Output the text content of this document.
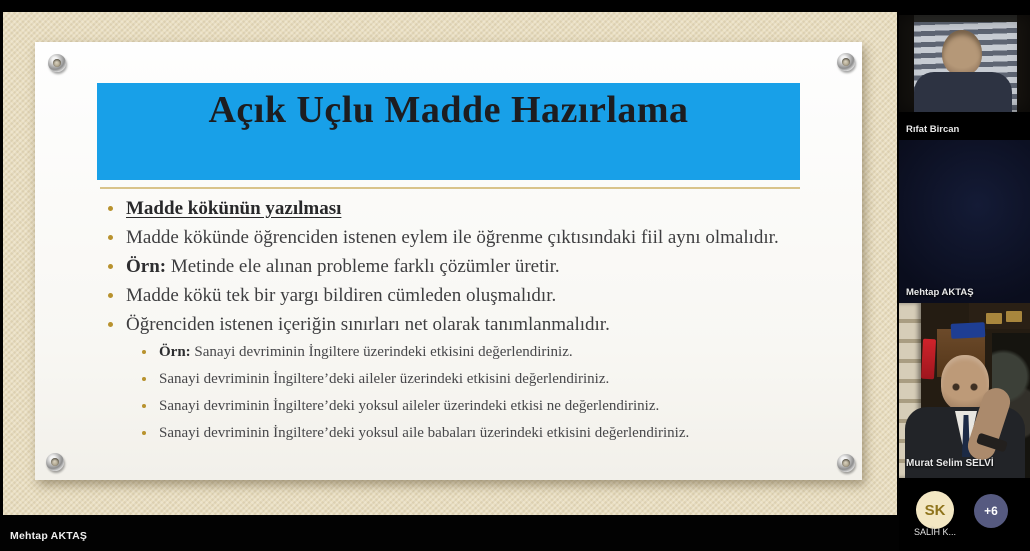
Açık Uçlu Madde Hazırlama
Madde kökünün yazılması
Madde kökünde öğrenciden istenen eylem ile öğrenme çıktısındaki fiil aynı olmalıdır.
Örn: Metinde ele alınan probleme farklı çözümler üretir.
Madde kökü tek bir yargı bildiren cümleden oluşmalıdır.
Öğrenciden istenen içeriğin sınırları net olarak tanımlanmalıdır.
Örn: Sanayi devriminin İngiltere üzerindeki etkisini değerlendiriniz.
Sanayi devriminin İngiltere’deki aileler üzerindeki etkisini değerlendiriniz.
Sanayi devriminin İngiltere’deki yoksul aileler üzerindeki etkisi ne değerlendiriniz.
Sanayi devriminin İngiltere’deki yoksul aile babaları üzerindeki etkisini değerlendiriniz.
Mehtap AKTAŞ
Rıfat Bircan
Mehtap AKTAŞ
Murat Selim SELVİ
SK
SALİH K...
+6
